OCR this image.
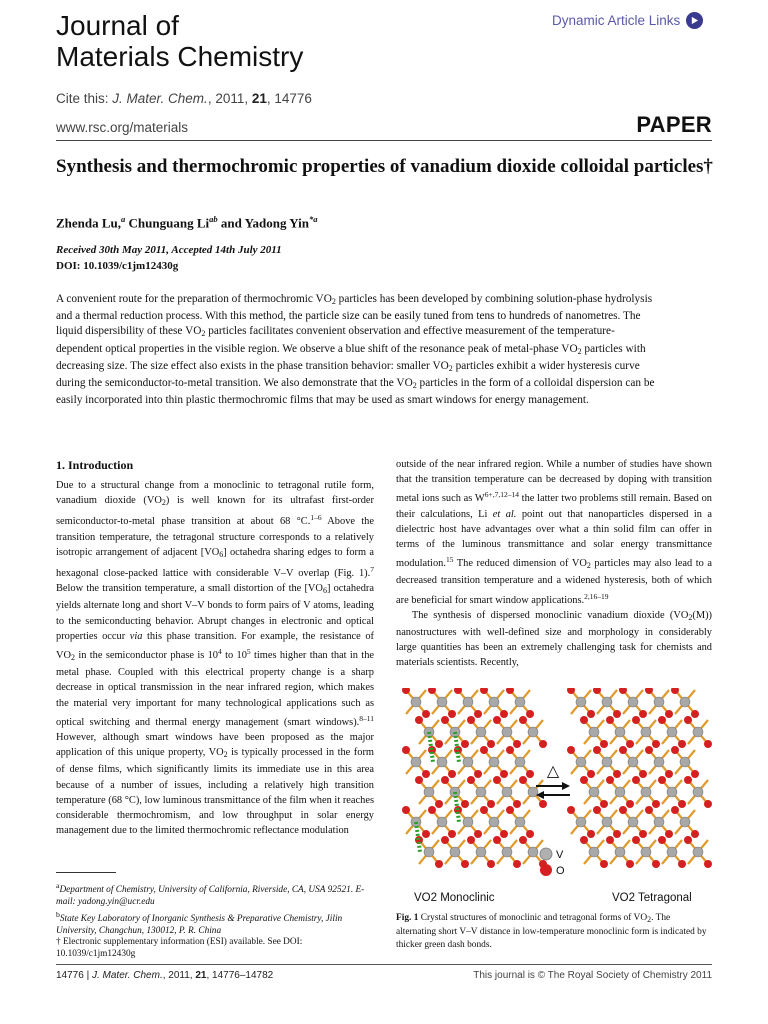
Journal of
Materials Chemistry
Dynamic Article Links
Cite this: J. Mater. Chem., 2011, 21, 14776
www.rsc.org/materials	PAPER
Synthesis and thermochromic properties of vanadium dioxide colloidal particles†
Zhenda Lu,$^a$ Chunguang $Li^{ab}$ and Yadong Yin$^{*a}$
Received 30th May 2011, Accepted 14th July 2011
DOI: 10.1039/c1jm12430g
A convenient route for the preparation of thermochromic $VO_2$ particles has been developed by combining solution-phase hydrolysis and a thermal reduction process. With this method, the particle size can be easily tuned from tens to hundreds of nanometres. The liquid dispersibility of these $VO_2$ particles facilitates convenient observation and effective measurement of the temperature-dependent optical properties in the visible region. We observe a blue shift of the resonance peak of metal-phase $VO_2$ particles with decreasing size. The size effect also exists in the phase transition behavior: smaller $VO_2$ particles exhibit a wider hysteresis curve during the semiconductor-to-metal transition. We also demonstrate that the $VO_2$ particles in the form of a colloidal dispersion can be easily incorporated into thin plastic thermochromic films that may be used as smart windows for energy management.
1. Introduction
Due to a structural change from a monoclinic to tetragonal rutile form, vanadium dioxide $(VO_2)$ is well known for its ultrafast first-order semiconductor-to-metal phase transition at about 68 °C.$^{1-6}$ Above the transition temperature, the tetragonal structure corresponds to a relatively isotropic arrangement of adjacent $[VO_6]$ octahedra sharing edges to form a hexagonal close-packed lattice with considerable V–V overlap (Fig. 1).$^7$ Below the transition temperature, a small distortion of the $[VO_6]$ octahedra yields alternate long and short V–V bonds to form pairs of V atoms, leading to the semiconducting behavior. Abrupt changes in electronic and optical properties occur via this phase transition. For example, the resistance of $VO_2$ in the semiconductor phase is $10^4$ to $10^5$ times higher than that in the metal phase. Coupled with this electrical property change is a sharp decrease in optical transmission in the near infrared region, which makes the material very important for many technological applications such as optical switching and thermal energy management (smart windows).$^{8-11}$ However, although smart windows have been proposed as the major application of this unique property, $VO_2$ is typically processed in the form of dense films, which significantly limits its immediate use in this area because of a number of issues, including a relatively high transition temperature (68 °C), low luminous transmittance of the film when it reaches considerable thermochromism, and low throughput in solar energy management due to the limited thermochromic reflectance modulation
outside of the near infrared region. While a number of studies have shown that the transition temperature can be decreased by doping with transition metal ions such as $W^{6+,7,12-14}$ the latter two problems still remain. Based on their calculations, Li et al. point out that nanoparticles dispersed in a dielectric host have advantages over what a thin solid film can offer in terms of the luminous transmittance and solar energy transmittance modulation.$^{15}$ The reduced dimension of $VO_2$ particles may also lead to a decreased transition temperature and a widened hysteresis, both of which are beneficial for smart window applications.$^{2,16-19}$
The synthesis of dispersed monoclinic vanadium dioxide $(VO_2(M))$ nanostructures with well-defined size and morphology in considerably large quantities has been an extremely challenging task for chemists and materials scientists. Recently,
△
V
O
VO2 Monoclinic	VO2 Tetragonal
Fig. 1 Crystal structures of monoclinic and tetragonal forms of VO2. The alternating short V–V distance in low-temperature monoclinic form is indicated by thicker green dash bonds.
$^a$Department of Chemistry, University of California, Riverside, CA, USA 92521. E-mail: yadong.yin@ucr.edu
$^b$State Key Laboratory of Inorganic Synthesis & Preparative Chemistry, Jilin University, Changchun, 130012, P. R. China
† Electronic supplementary information (ESI) available. See DOI: 10.1039/c1jm12430g
14776 | J. Mater. Chem., 2011, 21, 14776–14782	This journal is © The Royal Society of Chemistry 2011
